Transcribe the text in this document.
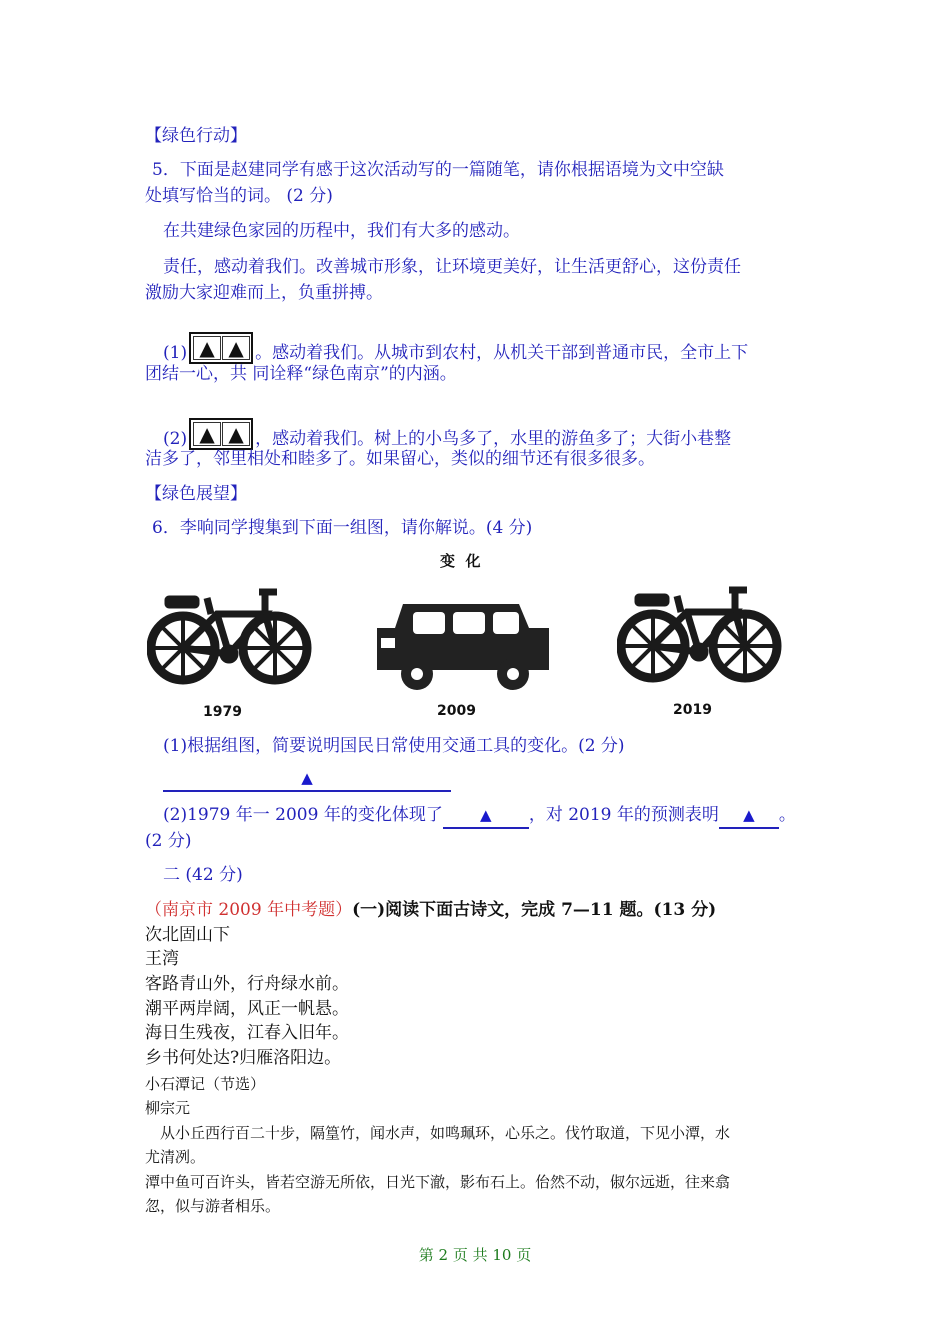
【绿色行动】
5．下面是赵建同学有感于这次活动写的一篇随笔，请你根据语境为文中空缺
处填写恰当的词。 (2 分)
在共建绿色家园的历程中，我们有大多的感动。
责任，感动着我们。改善城市形象，让环境更美好，让生活更舒心，这份责任
激励大家迎难而上，负重拼搏。
(1) ▲ ▲ 。感动着我们。从城市到农村，从机关干部到普通市民，全市上下
团结一心，共 同诠释“绿色南京”的内涵。
(2) ▲ ▲ ，感动着我们。树上的小鸟多了，水里的游鱼多了；大街小巷整
洁多了，邻里相处和睦多了。如果留心，类似的细节还有很多很多。
【绿色展望】
6．李响同学搜集到下面一组图，请你解说。(4 分)
变  化
1979	2009	2019
(1)根据组图，简要说明国民日常使用交通工具的变化。(2 分)
▲
(2)1979 年一 2009 年的变化体现了 ▲ ，对 2019 年的预测表明 ▲ 。
(2 分)
二 (42 分)
（南京市 2009 年中考题）(一)阅读下面古诗文，完成 7—11 题。(13 分)
次北固山下
王湾
客路青山外，行舟绿水前。
潮平两岸阔，风正一帆悬。
海日生残夜，江春入旧年。
乡书何处达?归雁洛阳边。
小石潭记（节选）
柳宗元
从小丘西行百二十步，隔篁竹，闻水声，如鸣珮环，心乐之。伐竹取道，下见小潭，水
尤清冽。
潭中鱼可百许头，皆若空游无所依，日光下澈，影布石上。佁然不动，俶尔远逝，往来翕
忽，似与游者相乐。
第 2 页 共 10 页
